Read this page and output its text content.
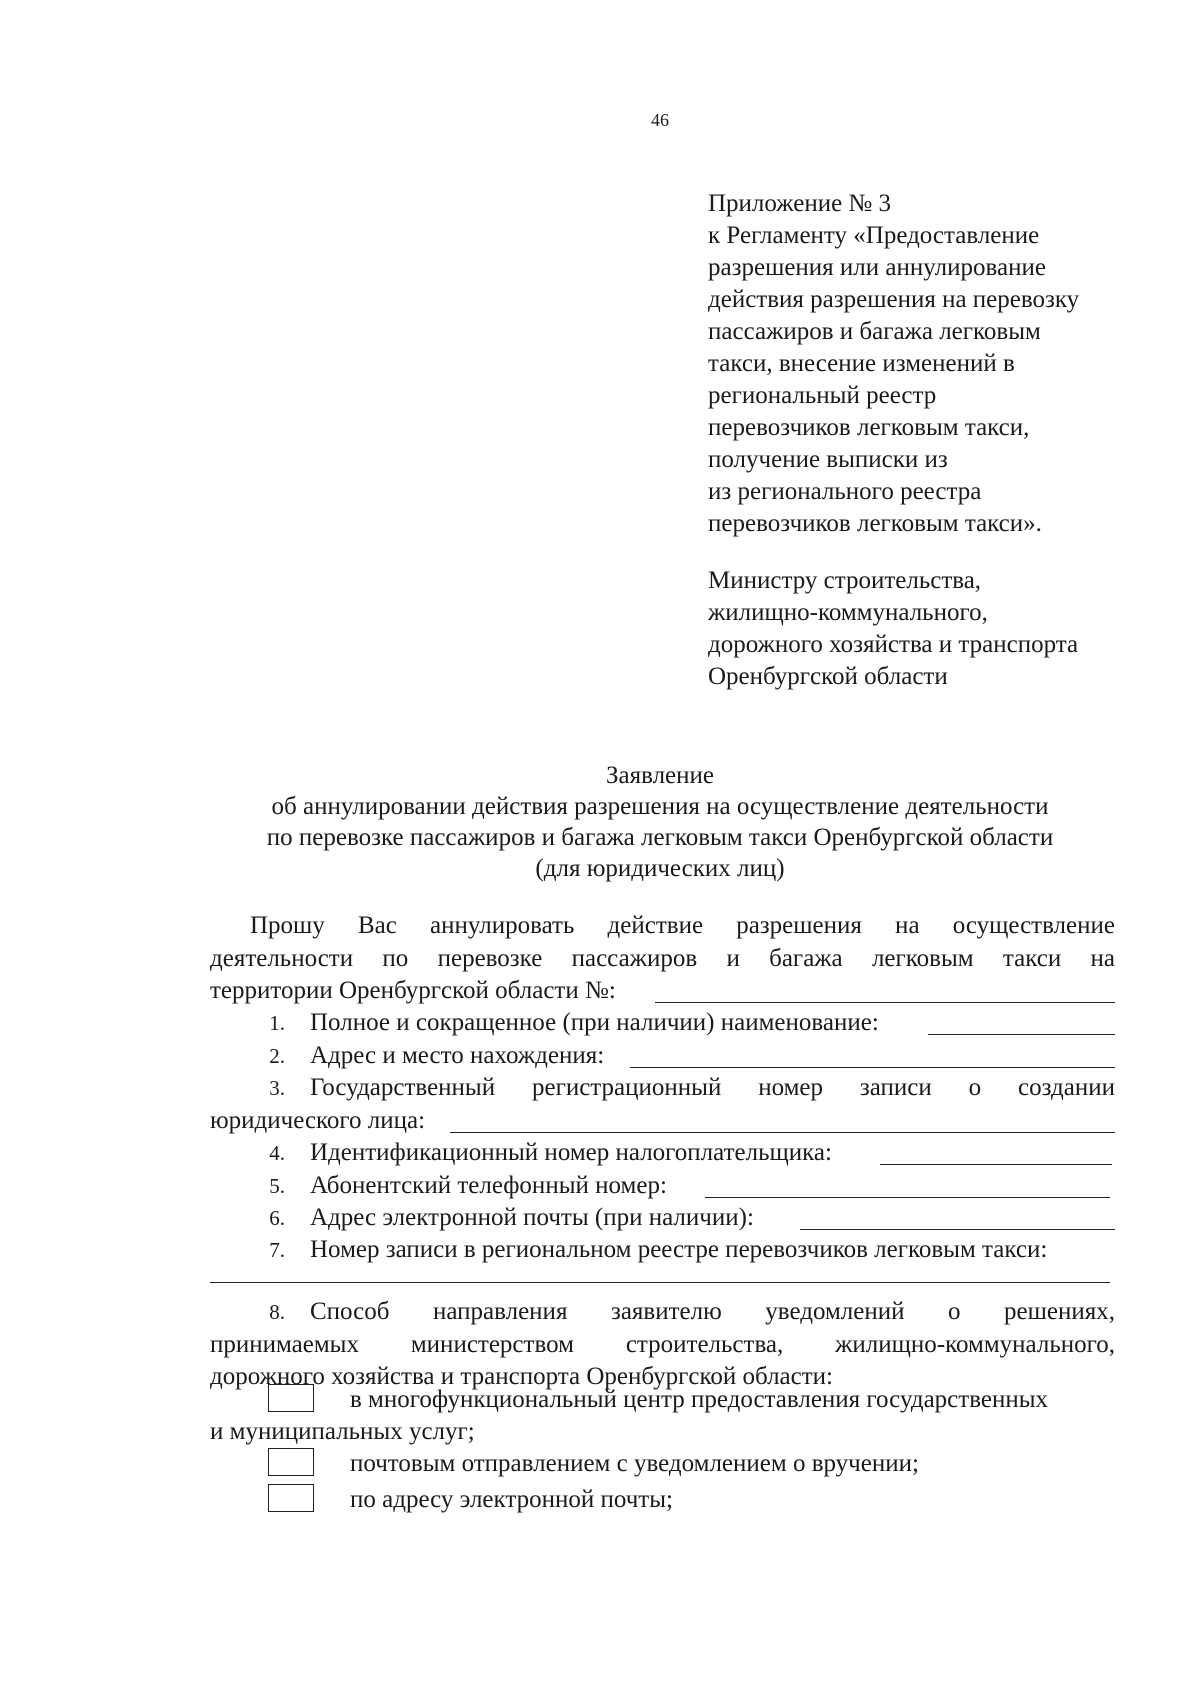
46
Приложение № 3
к Регламенту «Предоставление
разрешения или аннулирование
действия разрешения на перевозку
пассажиров и багажа легковым
такси, внесение изменений в
региональный реестр
перевозчиков легковым такси,
получение выписки из
из регионального реестра
перевозчиков легковым такси».
Министру строительства,
жилищно-коммунального,
дорожного хозяйства и транспорта
Оренбургской области
Заявление
об аннулировании действия разрешения на осуществление деятельности
по перевозке пассажиров и багажа легковым такси Оренбургской области
(для юридических лиц)
Прошу Вас аннулировать действие разрешения на осуществление
деятельности по перевозке пассажиров и багажа легковым такси на
территории Оренбургской области №:
1. Полное и сокращенное (при наличии) наименование:
2. Адрес и место нахождения:
3. Государственный регистрационный номер записи о создании
юридического лица:
4. Идентификационный номер налогоплательщика:
5. Абонентский телефонный номер:
6. Адрес электронной почты (при наличии):
7. Номер записи в региональном реестре перевозчиков легковым такси:
8. Способ направления заявителю уведомлений о решениях,
принимаемых министерством строительства, жилищно-коммунального,
дорожного хозяйства и транспорта Оренбургской области:
в многофункциональный центр предоставления государственных
и муниципальных услуг;
почтовым отправлением с уведомлением о вручении;
по адресу электронной почты;
